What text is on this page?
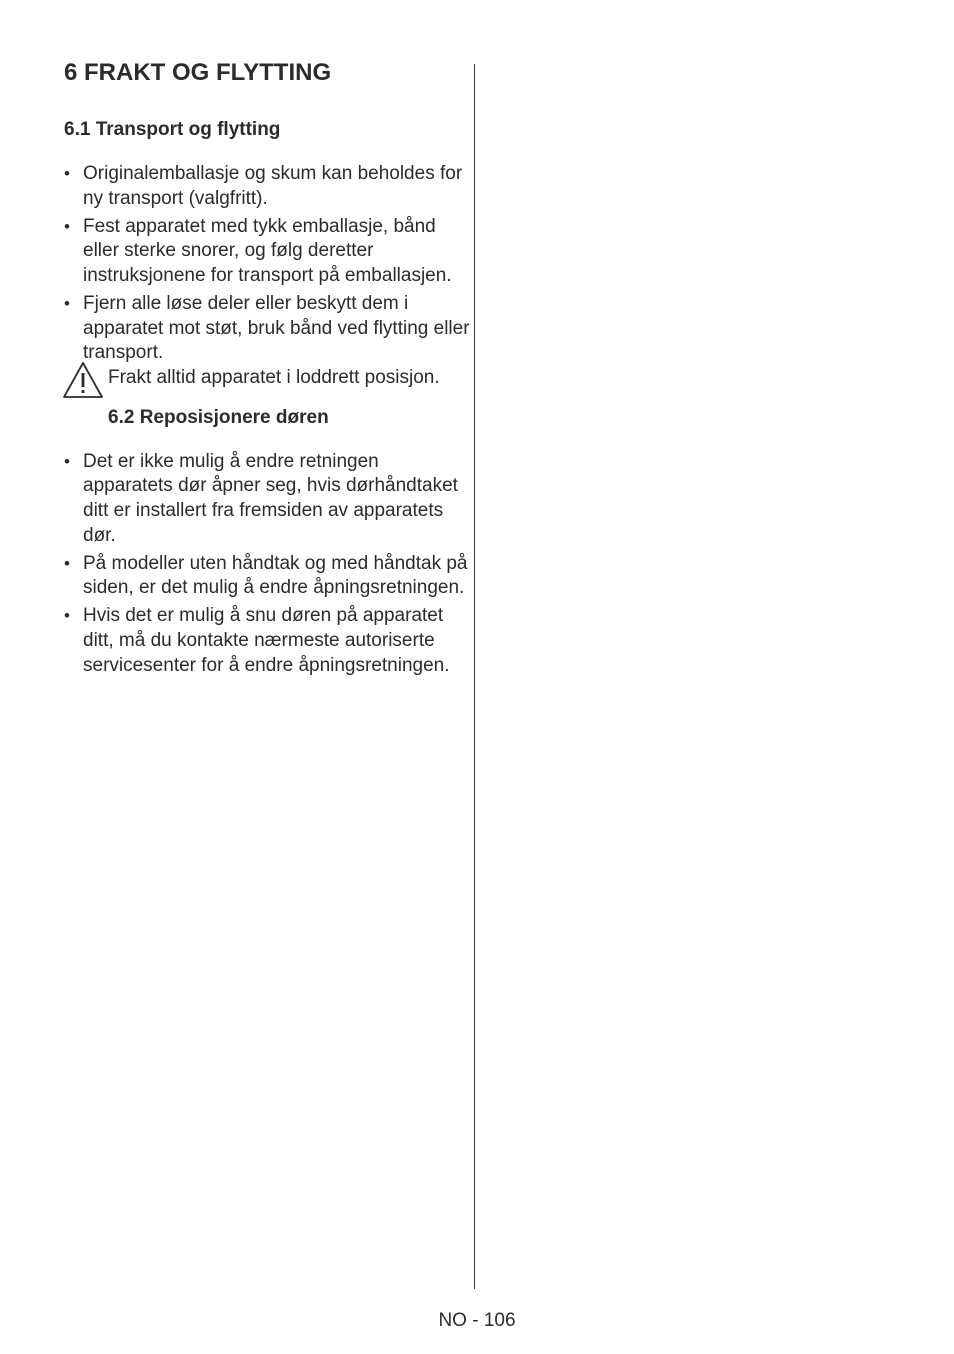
6 FRAKT OG FLYTTING
6.1 Transport og flytting
• Originalemballasje og skum kan beholdes for ny transport (valgfritt).
• Fest apparatet med tykk emballasje, bånd eller sterke snorer, og følg deretter instruksjonene for transport på emballasjen.
• Fjern alle løse deler eller beskytt dem i apparatet mot støt, bruk bånd ved flytting eller transport.
Frakt alltid apparatet i loddrett posisjon.
6.2 Reposisjonere døren
• Det er ikke mulig å endre retningen apparatets dør åpner seg, hvis dørhåndtaket ditt er installert fra fremsiden av apparatets dør.
• På modeller uten håndtak og med håndtak på siden, er det mulig å endre åpningsretningen.
• Hvis det er mulig å snu døren på apparatet ditt, må du kontakte nærmeste autoriserte servicesenter for å endre åpningsretningen.
NO - 106
